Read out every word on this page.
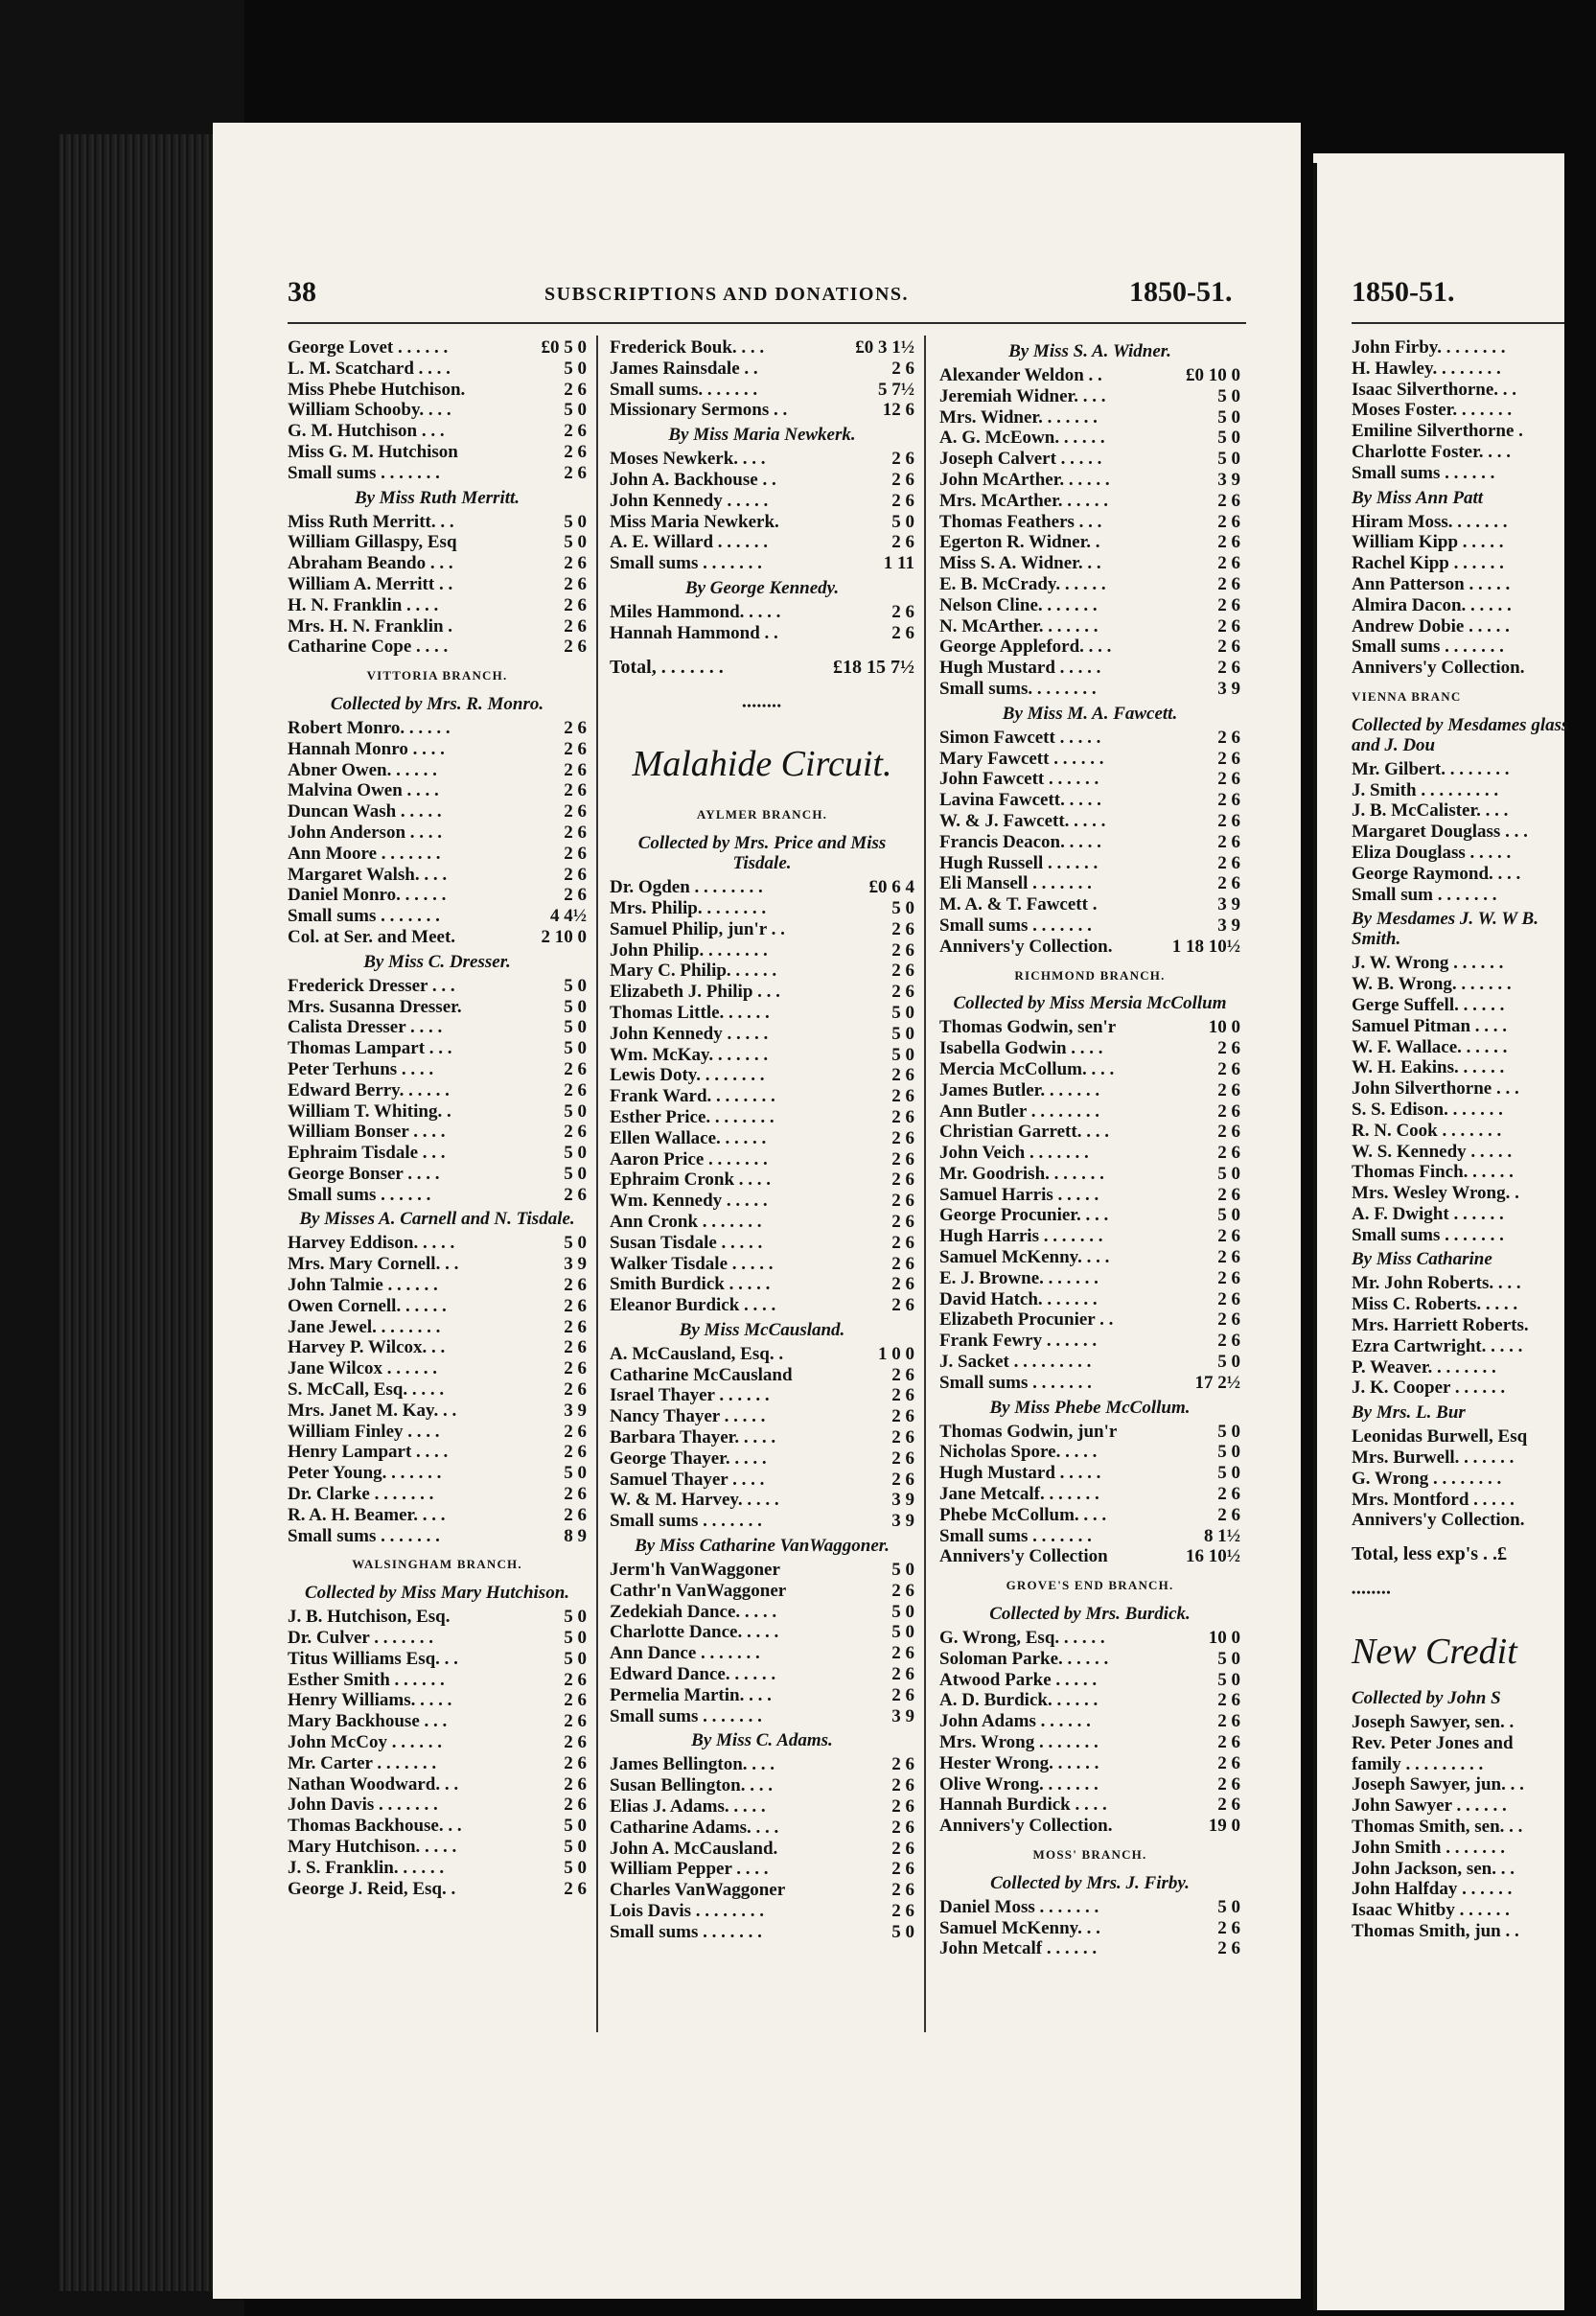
38	SUBSCRIPTIONS AND DONATIONS.	1850-51.	1850-51.
George Lovet . . . . . .	£0 5 0
L. M. Scatchard . . . .	5 0
Miss Phebe Hutchison.	2 6
William Schooby. . . .	5 0
G. M. Hutchison . . .	2 6
Miss G. M. Hutchison	2 6
Small sums . . . . . . .	2 6
By Miss Ruth Merritt.
Miss Ruth Merritt. . .	5 0
William Gillaspy, Esq	5 0
Abraham Beando . . .	2 6
William A. Merritt . .	2 6
H. N. Franklin . . . .	2 6
Mrs. H. N. Franklin .	2 6
Catharine Cope . . . .	2 6
VITTORIA BRANCH.
Collected by Mrs. R. Monro.
Robert Monro. . . . . .	2 6
Hannah Monro . . . .	2 6
Abner Owen. . . . . .	2 6
Malvina Owen . . . .	2 6
Duncan Wash . . . . .	2 6
John Anderson . . . .	2 6
Ann Moore . . . . . . .	2 6
Margaret Walsh. . . .	2 6
Daniel Monro. . . . . .	2 6
Small sums . . . . . . .	4 4½
Col. at Ser. and Meet.	2 10 0
By Miss C. Dresser.
Frederick Dresser . . .	5 0
Mrs. Susanna Dresser.	5 0
Calista Dresser . . . .	5 0
Thomas Lampart . . .	5 0
Peter Terhuns . . . .	2 6
Edward Berry. . . . . .	2 6
William T. Whiting. .	5 0
William Bonser . . . .	2 6
Ephraim Tisdale . . .	5 0
George Bonser . . . .	5 0
Small sums . . . . . .	2 6
By Misses A. Carnell and N. Tisdale.
Harvey Eddison. . . . .	5 0
Mrs. Mary Cornell. . .	3 9
John Talmie . . . . . .	2 6
Owen Cornell. . . . . .	2 6
Jane Jewel. . . . . . . .	2 6
Harvey P. Wilcox. . .	2 6
Jane Wilcox . . . . . .	2 6
S. McCall, Esq. . . . .	2 6
Mrs. Janet M. Kay. . .	3 9
William Finley . . . .	2 6
Henry Lampart . . . .	2 6
Peter Young. . . . . . .	5 0
Dr. Clarke . . . . . . .	2 6
R. A. H. Beamer. . . .	2 6
Small sums . . . . . . .	8 9
WALSINGHAM BRANCH.
Collected by Miss Mary Hutchison.
J. B. Hutchison, Esq.	5 0
Dr. Culver . . . . . . .	5 0
Titus Williams Esq. . .	5 0
Esther Smith . . . . . .	2 6
Henry Williams. . . . .	2 6
Mary Backhouse . . .	2 6
John McCoy . . . . . .	2 6
Mr. Carter . . . . . . .	2 6
Nathan Woodward. . .	2 6
John Davis . . . . . . .	2 6
Thomas Backhouse. . .	5 0
Mary Hutchison. . . . .	5 0
J. S. Franklin. . . . . .	5 0
George J. Reid, Esq. .	2 6
Frederick Bouk. . . .	£0 3 1½
James Rainsdale . .	2 6
Small sums. . . . . . .	5 7½
Missionary Sermons . .	12 6
By Miss Maria Newkerk.
Moses Newkerk. . . .	2 6
John A. Backhouse . .	2 6
John Kennedy . . . . .	2 6
Miss Maria Newkerk.	5 0
A. E. Willard . . . . . .	2 6
Small sums . . . . . . .	1 11
By George Kennedy.
Miles Hammond. . . . .	2 6
Hannah Hammond . .	2 6
Total, . . . . . . .	£18 15 7½
••••••••
Malahide Circuit.
AYLMER BRANCH.
Collected by Mrs. Price and Miss Tisdale.
Dr. Ogden . . . . . . . .	£0 6 4
Mrs. Philip. . . . . . . .	5 0
Samuel Philip, jun'r . .	2 6
John Philip. . . . . . . .	2 6
Mary C. Philip. . . . . .	2 6
Elizabeth J. Philip . . .	2 6
Thomas Little. . . . . .	5 0
John Kennedy . . . . .	5 0
Wm. McKay. . . . . . .	5 0
Lewis Doty. . . . . . . .	2 6
Frank Ward. . . . . . . .	2 6
Esther Price. . . . . . . .	2 6
Ellen Wallace. . . . . .	2 6
Aaron Price . . . . . . .	2 6
Ephraim Cronk . . . .	2 6
Wm. Kennedy . . . . .	2 6
Ann Cronk . . . . . . .	2 6
Susan Tisdale . . . . .	2 6
Walker Tisdale . . . . .	2 6
Smith Burdick . . . . .	2 6
Eleanor Burdick . . . .	2 6
By Miss McCausland.
A. McCausland, Esq. .	1 0 0
Catharine McCausland	2 6
Israel Thayer . . . . . .	2 6
Nancy Thayer . . . . .	2 6
Barbara Thayer. . . . .	2 6
George Thayer. . . . .	2 6
Samuel Thayer . . . .	2 6
W. & M. Harvey. . . . .	3 9
Small sums . . . . . . .	3 9
By Miss Catharine VanWaggoner.
Jerm'h VanWaggoner	5 0
Cathr'n VanWaggoner	2 6
Zedekiah Dance. . . . .	5 0
Charlotte Dance. . . . .	5 0
Ann Dance . . . . . . .	2 6
Edward Dance. . . . . .	2 6
Permelia Martin. . . .	2 6
Small sums . . . . . . .	3 9
By Miss C. Adams.
James Bellington. . . .	2 6
Susan Bellington. . . .	2 6
Elias J. Adams. . . . .	2 6
Catharine Adams. . . .	2 6
John A. McCausland.	2 6
William Pepper . . . .	2 6
Charles VanWaggoner	2 6
Lois Davis . . . . . . . .	2 6
Small sums . . . . . . .	5 0
By Miss S. A. Widner.
Alexander Weldon . .	£0 10 0
Jeremiah Widner. . . .	5 0
Mrs. Widner. . . . . . .	5 0
A. G. McEown. . . . . .	5 0
Joseph Calvert . . . . .	5 0
John McArther. . . . . .	3 9
Mrs. McArther. . . . . .	2 6
Thomas Feathers . . .	2 6
Egerton R. Widner. .	2 6
Miss S. A. Widner. . .	2 6
E. B. McCrady. . . . . .	2 6
Nelson Cline. . . . . . .	2 6
N. McArther. . . . . . .	2 6
George Appleford. . . .	2 6
Hugh Mustard . . . . .	2 6
Small sums. . . . . . . .	3 9
By Miss M. A. Fawcett.
Simon Fawcett . . . . .	2 6
Mary Fawcett . . . . . .	2 6
John Fawcett . . . . . .	2 6
Lavina Fawcett. . . . .	2 6
W. & J. Fawcett. . . . .	2 6
Francis Deacon. . . . .	2 6
Hugh Russell . . . . . .	2 6
Eli Mansell . . . . . . .	2 6
M. A. & T. Fawcett .	3 9
Small sums . . . . . . .	3 9
Annivers'y Collection.	1 18 10½
RICHMOND BRANCH.
Collected by Miss Mersia McCollum
Thomas Godwin, sen'r	10 0
Isabella Godwin . . . .	2 6
Mercia McCollum. . . .	2 6
James Butler. . . . . . .	2 6
Ann Butler . . . . . . . .	2 6
Christian Garrett. . . .	2 6
John Veich . . . . . . .	2 6
Mr. Goodrish. . . . . . .	5 0
Samuel Harris . . . . .	2 6
George Procunier. . . .	5 0
Hugh Harris . . . . . . .	2 6
Samuel McKenny. . . .	2 6
E. J. Browne. . . . . . .	2 6
David Hatch. . . . . . .	2 6
Elizabeth Procunier . .	2 6
Frank Fewry . . . . . .	2 6
J. Sacket . . . . . . . . .	5 0
Small sums . . . . . . .	17 2½
By Miss Phebe McCollum.
Thomas Godwin, jun'r	5 0
Nicholas Spore. . . . .	5 0
Hugh Mustard . . . . .	5 0
Jane Metcalf. . . . . . .	2 6
Phebe McCollum. . . .	2 6
Small sums . . . . . . .	8 1½
Annivers'y Collection	16 10½
GROVE'S END BRANCH.
Collected by Mrs. Burdick.
G. Wrong, Esq. . . . . .	10 0
Soloman Parke. . . . . .	5 0
Atwood Parke . . . . .	5 0
A. D. Burdick. . . . . .	2 6
John Adams . . . . . .	2 6
Mrs. Wrong . . . . . . .	2 6
Hester Wrong. . . . . .	2 6
Olive Wrong. . . . . . .	2 6
Hannah Burdick . . . .	2 6
Annivers'y Collection.	19 0
MOSS' BRANCH.
Collected by Mrs. J. Firby.
Daniel Moss . . . . . . .	5 0
Samuel McKenny. . .	2 6
John Metcalf . . . . . .	2 6
John Firby. . . . . . . .
H. Hawley. . . . . . . .
Isaac Silverthorne. . .
Moses Foster. . . . . . .
Emiline Silverthorne .
Charlotte Foster. . . .
Small sums . . . . . .
By Miss Ann Patt
Hiram Moss. . . . . . .
William Kipp . . . . .
Rachel Kipp . . . . . .
Ann Patterson . . . . .
Almira Dacon. . . . . .
Andrew Dobie . . . . .
Small sums . . . . . . .
Annivers'y Collection.
VIENNA BRANC
Collected by Mesdames glass and J. Dou
Mr. Gilbert. . . . . . . .
J. Smith . . . . . . . . .
J. B. McCalister. . . .
Margaret Douglass . . .
Eliza Douglass . . . . .
George Raymond. . . .
Small sum . . . . . . .
By Mesdames J. W. W B. Smith.
J. W. Wrong . . . . . .
W. B. Wrong. . . . . . .
Gerge Suffell. . . . . .
Samuel Pitman . . . .
W. F. Wallace. . . . . .
W. H. Eakins. . . . . .
John Silverthorne . . .
S. S. Edison. . . . . . .
R. N. Cook . . . . . . .
W. S. Kennedy . . . . .
Thomas Finch. . . . . .
Mrs. Wesley Wrong. .
A. F. Dwight . . . . . .
Small sums . . . . . . .
By Miss Catharine
Mr. John Roberts. . . .
Miss C. Roberts. . . . .
Mrs. Harriett Roberts.
Ezra Cartwright. . . . .
P. Weaver. . . . . . . .
J. K. Cooper . . . . . .
By Mrs. L. Bur
Leonidas Burwell, Esq
Mrs. Burwell. . . . . . .
G. Wrong . . . . . . . .
Mrs. Montford . . . . .
Annivers'y Collection.
Total, less exp's . .£
••••••••
New Credit
Collected by John S
Joseph Sawyer, sen. .
Rev. Peter Jones and
family . . . . . . . . .
Joseph Sawyer, jun. . .
John Sawyer . . . . . .
Thomas Smith, sen. . .
John Smith . . . . . . .
John Jackson, sen. . .
John Halfday . . . . . .
Isaac Whitby . . . . . .
Thomas Smith, jun . .
